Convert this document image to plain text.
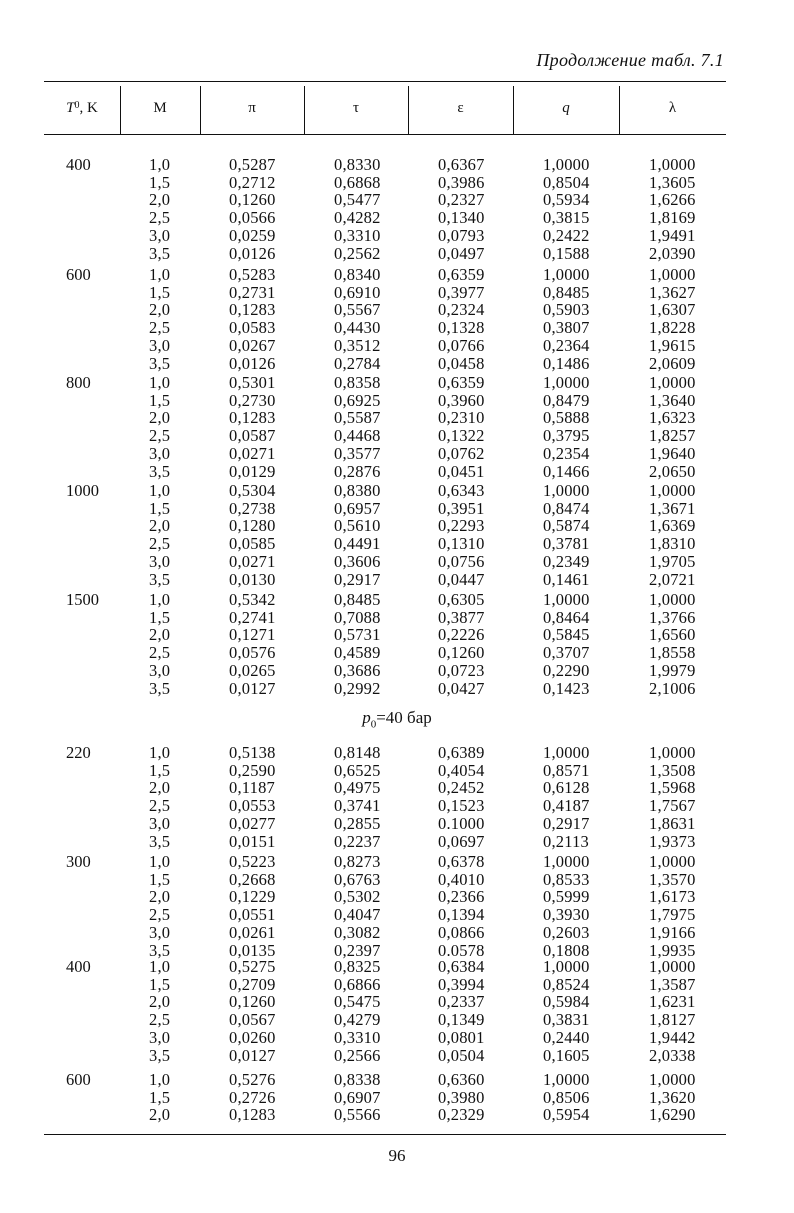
Продолжение табл. 7.1
T 0 , K	M	π	τ	ε	q	λ
400	1,0	0,5287	0,8330	0,6367	1,0000	1,0000
1,5	0,2712	0,6868	0,3986	0,8504	1,3605
2,0	0,1260	0,5477	0,2327	0,5934	1,6266
2,5	0,0566	0,4282	0,1340	0,3815	1,8169
3,0	0,0259	0,3310	0,0793	0,2422	1,9491
3,5	0,0126	0,2562	0,0497	0,1588	2,0390
600	1,0	0,5283	0,8340	0,6359	1,0000	1,0000
1,5	0,2731	0,6910	0,3977	0,8485	1,3627
2,0	0,1283	0,5567	0,2324	0,5903	1,6307
2,5	0,0583	0,4430	0,1328	0,3807	1,8228
3,0	0,0267	0,3512	0,0766	0,2364	1,9615
3,5	0,0126	0,2784	0,0458	0,1486	2,0609
800	1,0	0,5301	0,8358	0,6359	1,0000	1,0000
1,5	0,2730	0,6925	0,3960	0,8479	1,3640
2,0	0,1283	0,5587	0,2310	0,5888	1,6323
2,5	0,0587	0,4468	0,1322	0,3795	1,8257
3,0	0,0271	0,3577	0,0762	0,2354	1,9640
3,5	0,0129	0,2876	0,0451	0,1466	2,0650
1000	1,0	0,5304	0,8380	0,6343	1,0000	1,0000
1,5	0,2738	0,6957	0,3951	0,8474	1,3671
2,0	0,1280	0,5610	0,2293	0,5874	1,6369
2,5	0,0585	0,4491	0,1310	0,3781	1,8310
3,0	0,0271	0,3606	0,0756	0,2349	1,9705
3,5	0,0130	0,2917	0,0447	0,1461	2,0721
1500	1,0	0,5342	0,8485	0,6305	1,0000	1,0000
1,5	0,2741	0,7088	0,3877	0,8464	1,3766
2,0	0,1271	0,5731	0,2226	0,5845	1,6560
2,5	0,0576	0,4589	0,1260	0,3707	1,8558
3,0	0,0265	0,3686	0,0723	0,2290	1,9979
3,5	0,0127	0,2992	0,0427	0,1423	2,1006
220	1,0	0,5138	0,8148	0,6389	1,0000	1,0000
1,5	0,2590	0,6525	0,4054	0,8571	1,3508
2,0	0,1187	0,4975	0,2452	0,6128	1,5968
2,5	0,0553	0,3741	0,1523	0,4187	1,7567
3,0	0,0277	0,2855	0.1000	0,2917	1,8631
3,5	0,0151	0,2237	0,0697	0,2113	1,9373
300	1,0	0,5223	0,8273	0,6378	1,0000	1,0000
1,5	0,2668	0,6763	0,4010	0,8533	1,3570
2,0	0,1229	0,5302	0,2366	0,5999	1,6173
2,5	0,0551	0,4047	0,1394	0,3930	1,7975
3,0	0,0261	0,3082	0,0866	0,2603	1,9166
3,5	0,0135	0,2397	0.0578	0,1808	1,9935
400	1,0	0,5275	0,8325	0,6384	1,0000	1,0000
1,5	0,2709	0,6866	0,3994	0,8524	1,3587
2,0	0,1260	0,5475	0,2337	0,5984	1,6231
2,5	0,0567	0,4279	0,1349	0,3831	1,8127
3,0	0,0260	0,3310	0,0801	0,2440	1,9442
3,5	0,0127	0,2566	0,0504	0,1605	2,0338
600	1,0	0,5276	0,8338	0,6360	1,0000	1,0000
1,5	0,2726	0,6907	0,3980	0,8506	1,3620
2,0	0,1283	0,5566	0,2329	0,5954	1,6290
$p_0=40$ бар
96
